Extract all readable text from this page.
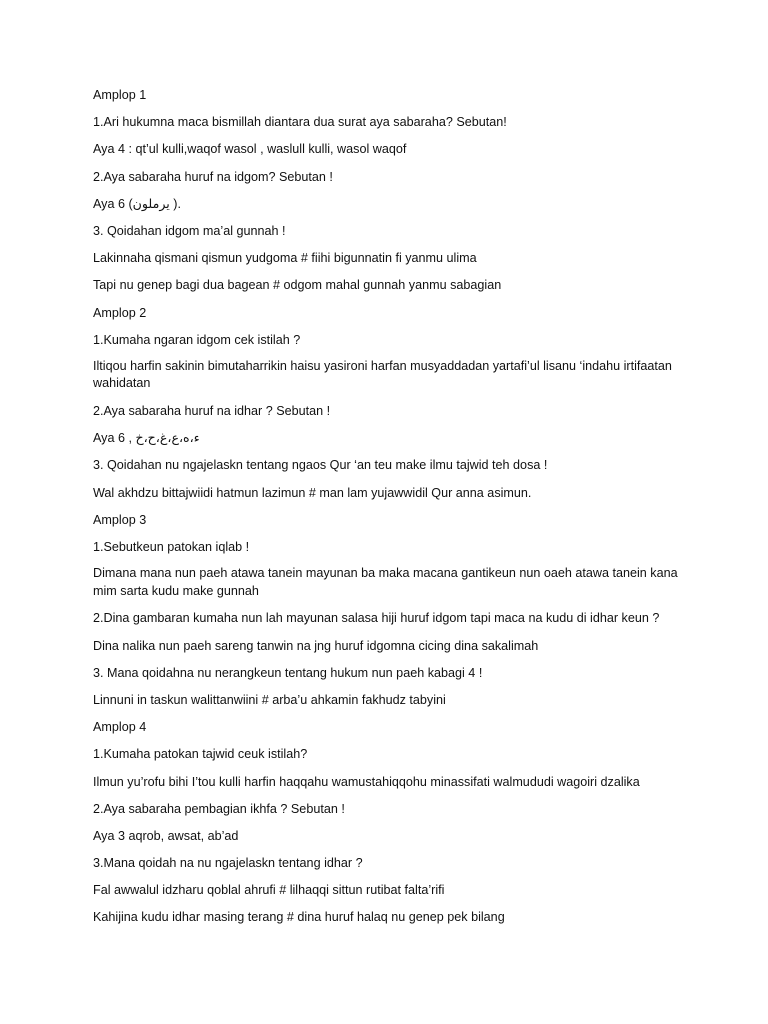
Amplop 1

1.Ari hukumna maca bismillah diantara dua surat aya sabaraha? Sebutan!

Aya 4 : qt’ul kulli,waqof wasol , waslull kulli, wasol waqof

2.Aya sabaraha huruf na idgom? Sebutan !

Aya 6 (يرملون ).

3. Qoidahan idgom ma’al gunnah !

Lakinnaha qismani qismun yudgoma # fiihi bigunnatin fi yanmu ulima

Tapi nu genep bagi dua bagean # odgom mahal gunnah yanmu sabagian

Amplop 2

1.Kumaha ngaran idgom cek istilah ?

Iltiqou harfin sakinin bimutaharrikin haisu yasironi harfan musyaddadan yartafi’ul lisanu ‘indahu irtifaatan wahidatan

2.Aya sabaraha huruf na idhar ? Sebutan !

Aya 6 , ء،ه،ع،غ،ح،خ

3. Qoidahan nu ngajelaskn tentang ngaos Qur ‘an teu make ilmu tajwid teh dosa !

Wal akhdzu bittajwiidi hatmun lazimun # man lam yujawwidil Qur anna asimun.

Amplop 3

1.Sebutkeun patokan iqlab !

Dimana mana nun paeh atawa tanein mayunan ba maka macana gantikeun nun oaeh atawa tanein kana mim sarta kudu make gunnah

2.Dina gambaran kumaha nun lah mayunan salasa hiji huruf idgom tapi maca na kudu di idhar keun ?

Dina nalika nun paeh sareng tanwin na jng huruf idgomna cicing dina sakalimah

3. Mana qoidahna nu nerangkeun tentang hukum nun paeh kabagi 4 !

Linnuni in taskun walittanwiini # arba’u ahkamin fakhudz tabyini

Amplop 4

1.Kumaha patokan tajwid ceuk istilah?

Ilmun yu’rofu bihi I’tou kulli harfin haqqahu wamustahiqqohu minassifati walmududi wagoiri dzalika

2.Aya sabaraha pembagian ikhfa ? Sebutan !

Aya 3 aqrob, awsat, ab’ad

3.Mana qoidah na nu ngajelaskn tentang idhar ?

Fal awwalul idzharu qoblal ahrufi # lilhaqqi sittun rutibat falta’rifi

Kahijina kudu idhar masing terang # dina huruf halaq nu genep pek bilang
